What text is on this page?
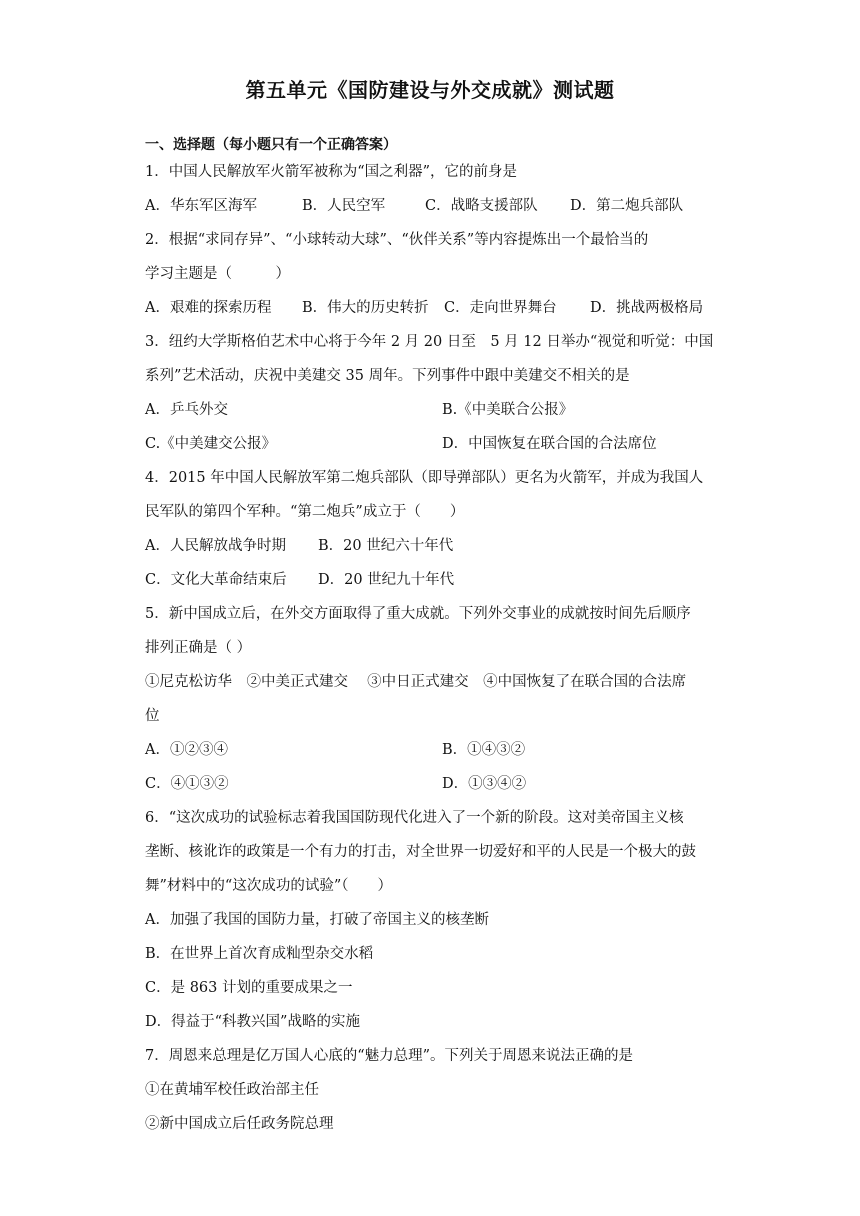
第五单元《国防建设与外交成就》测试题
一、选择题（每小题只有一个正确答案）
1．中国人民解放军火箭军被称为“国之利器”，它的前身是
A．华东军区海军	B．人民空军	C．战略支援部队 D．第二炮兵部队
2．根据“求同存异”、“小球转动大球”、“伙伴关系”等内容提炼出一个最恰当的
学习主题是（　　　）
A．艰难的探索历程 B．伟大的历史转折 C．走向世界舞台 D．挑战两极格局
3．纽约大学斯格伯艺术中心将于今年 2 月 20 日至　5 月 12 日举办“视觉和听觉：中国
系列”艺术活动，庆祝中美建交 35 周年。下列事件中跟中美建交不相关的是
A．乒乓外交	B.《中美联合公报》
C.《中美建交公报》	D．中国恢复在联合国的合法席位
4．2015 年中国人民解放军第二炮兵部队（即导弹部队）更名为火箭军，并成为我国人
民军队的第四个军种。“第二炮兵”成立于（　　）
A．人民解放战争时期 B．20 世纪六十年代
C．文化大革命结束后 D．20 世纪九十年代
5．新中国成立后，在外交方面取得了重大成就。下列外交事业的成就按时间先后顺序
排列正确是（ ）
①尼克松访华　②中美正式建交　 ③中日正式建交　④中国恢复了在联合国的合法席
位
A．①②③④	B．①④③②
C．④①③②	D．①③④②
6．“这次成功的试验标志着我国国防现代化进入了一个新的阶段。这对美帝国主义核
垄断、核讹诈的政策是一个有力的打击，对全世界一切爱好和平的人民是一个极大的鼓
舞”材料中的“这次成功的试验”（　　）
A．加强了我国的国防力量，打破了帝国主义的核垄断
B．在世界上首次育成籼型杂交水稻
C．是 863 计划的重要成果之一
D．得益于“科教兴国”战略的实施
7．周恩来总理是亿万国人心底的“魅力总理”。下列关于周恩来说法正确的是
①在黄埔军校任政治部主任
②新中国成立后任政务院总理
